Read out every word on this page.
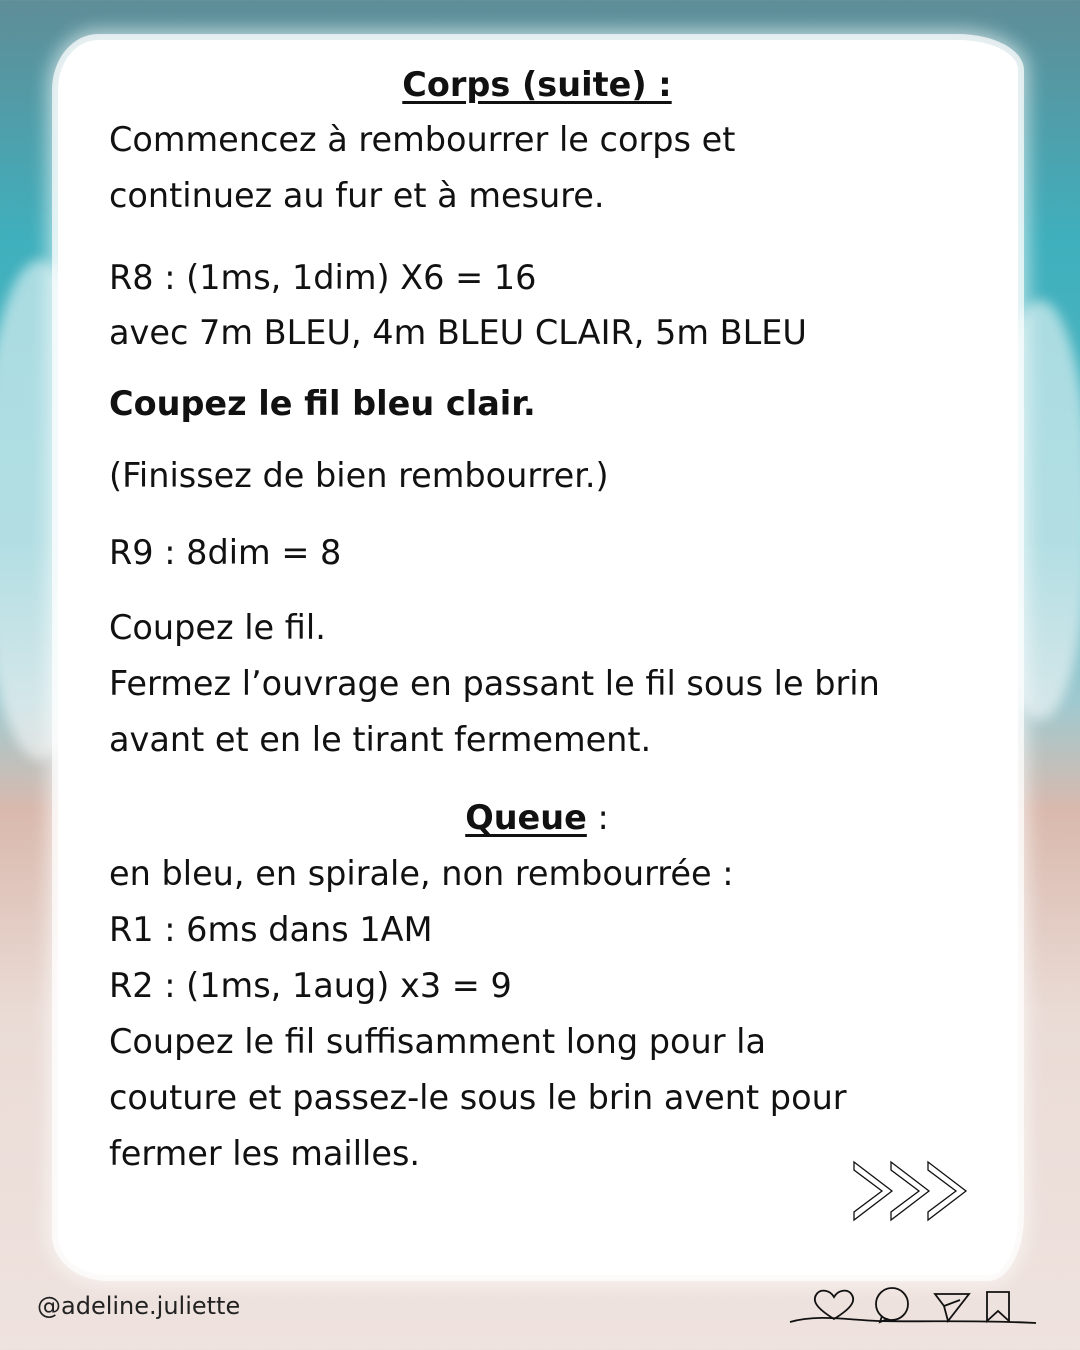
Corps (suite) :
Commencez à rembourrer le corps et
continuez au fur et à mesure.
R8 : (1ms, 1dim) X6 = 16
avec 7m BLEU, 4m BLEU CLAIR, 5m BLEU
Coupez le fil bleu clair.
(Finissez de bien rembourrer.)
R9 : 8dim = 8
Coupez le fil.
Fermez l’ouvrage en passant le fil sous le brin
avant et en le tirant fermement.
Queue :
en bleu, en spirale, non rembourrée :
R1 : 6ms dans 1AM
R2 : (1ms, 1aug) x3 = 9
Coupez le fil suffisamment long pour la
couture et passez-le sous le brin avent pour
fermer les mailles.
@adeline.juliette
